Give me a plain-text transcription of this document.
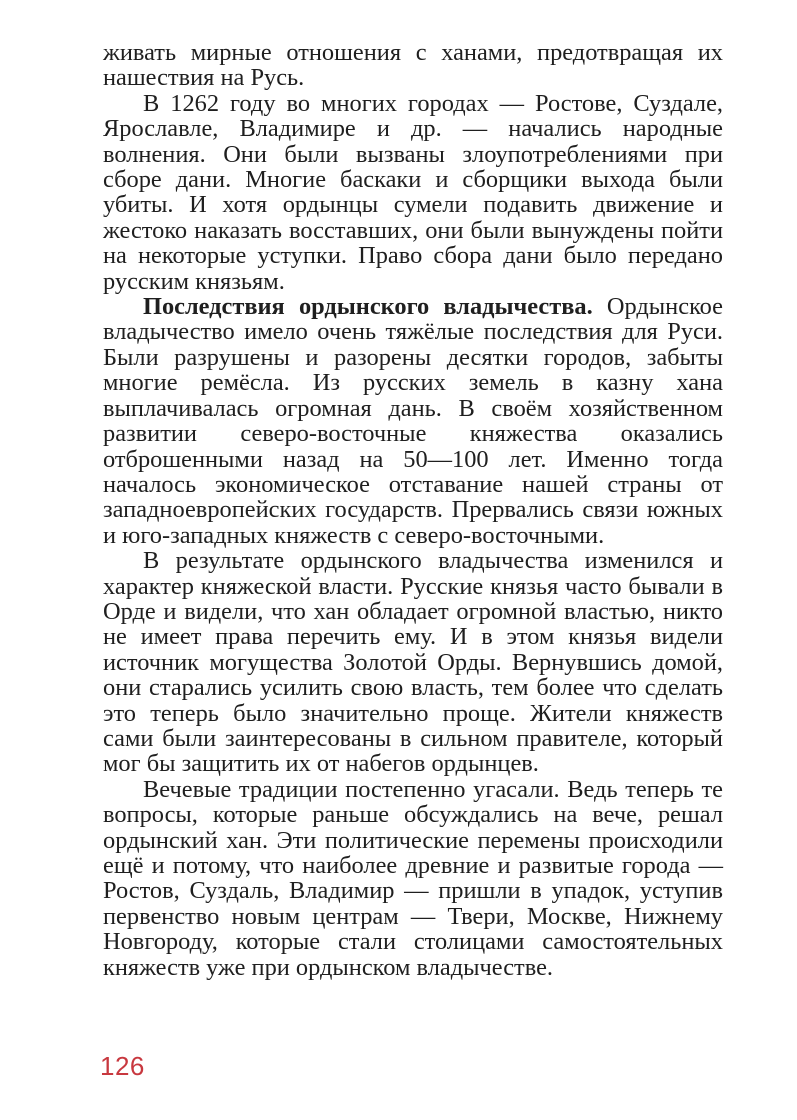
живать мирные отношения с ханами, предотвращая их нашествия на Русь.

В 1262 году во многих городах — Ростове, Суздале, Ярославле, Владимире и др. — начались народные волнения. Они были вызваны злоупотреблениями при сборе дани. Многие баскаки и сборщики выхода были убиты. И хотя ордынцы сумели подавить движение и жестоко наказать восставших, они были вынуждены пойти на некоторые уступки. Право сбора дани было передано русским князьям.

Последствия ордынского владычества. Ордынское владычество имело очень тяжёлые последствия для Руси. Были разрушены и разорены десятки городов, забыты многие ремёсла. Из русских земель в казну хана выплачивалась огромная дань. В своём хозяйственном развитии северо-восточные княжества оказались отброшенными назад на 50—100 лет. Именно тогда началось экономическое отставание нашей страны от западноевропейских государств. Прервались связи южных и юго-западных княжеств с северо-восточными.

В результате ордынского владычества изменился и характер княжеской власти. Русские князья часто бывали в Орде и видели, что хан обладает огромной властью, никто не имеет права перечить ему. И в этом князья видели источник могущества Золотой Орды. Вернувшись домой, они старались усилить свою власть, тем более что сделать это теперь было значительно проще. Жители княжеств сами были заинтересованы в сильном правителе, который мог бы защитить их от набегов ордынцев.

Вечевые традиции постепенно угасали. Ведь теперь те вопросы, которые раньше обсуждались на вече, решал ордынский хан. Эти политические перемены происходили ещё и потому, что наиболее древние и развитые города — Ростов, Суздаль, Владимир — пришли в упадок, уступив первенство новым центрам — Твери, Москве, Нижнему Новгороду, которые стали столицами самостоятельных княжеств уже при ордынском владычестве.

126
